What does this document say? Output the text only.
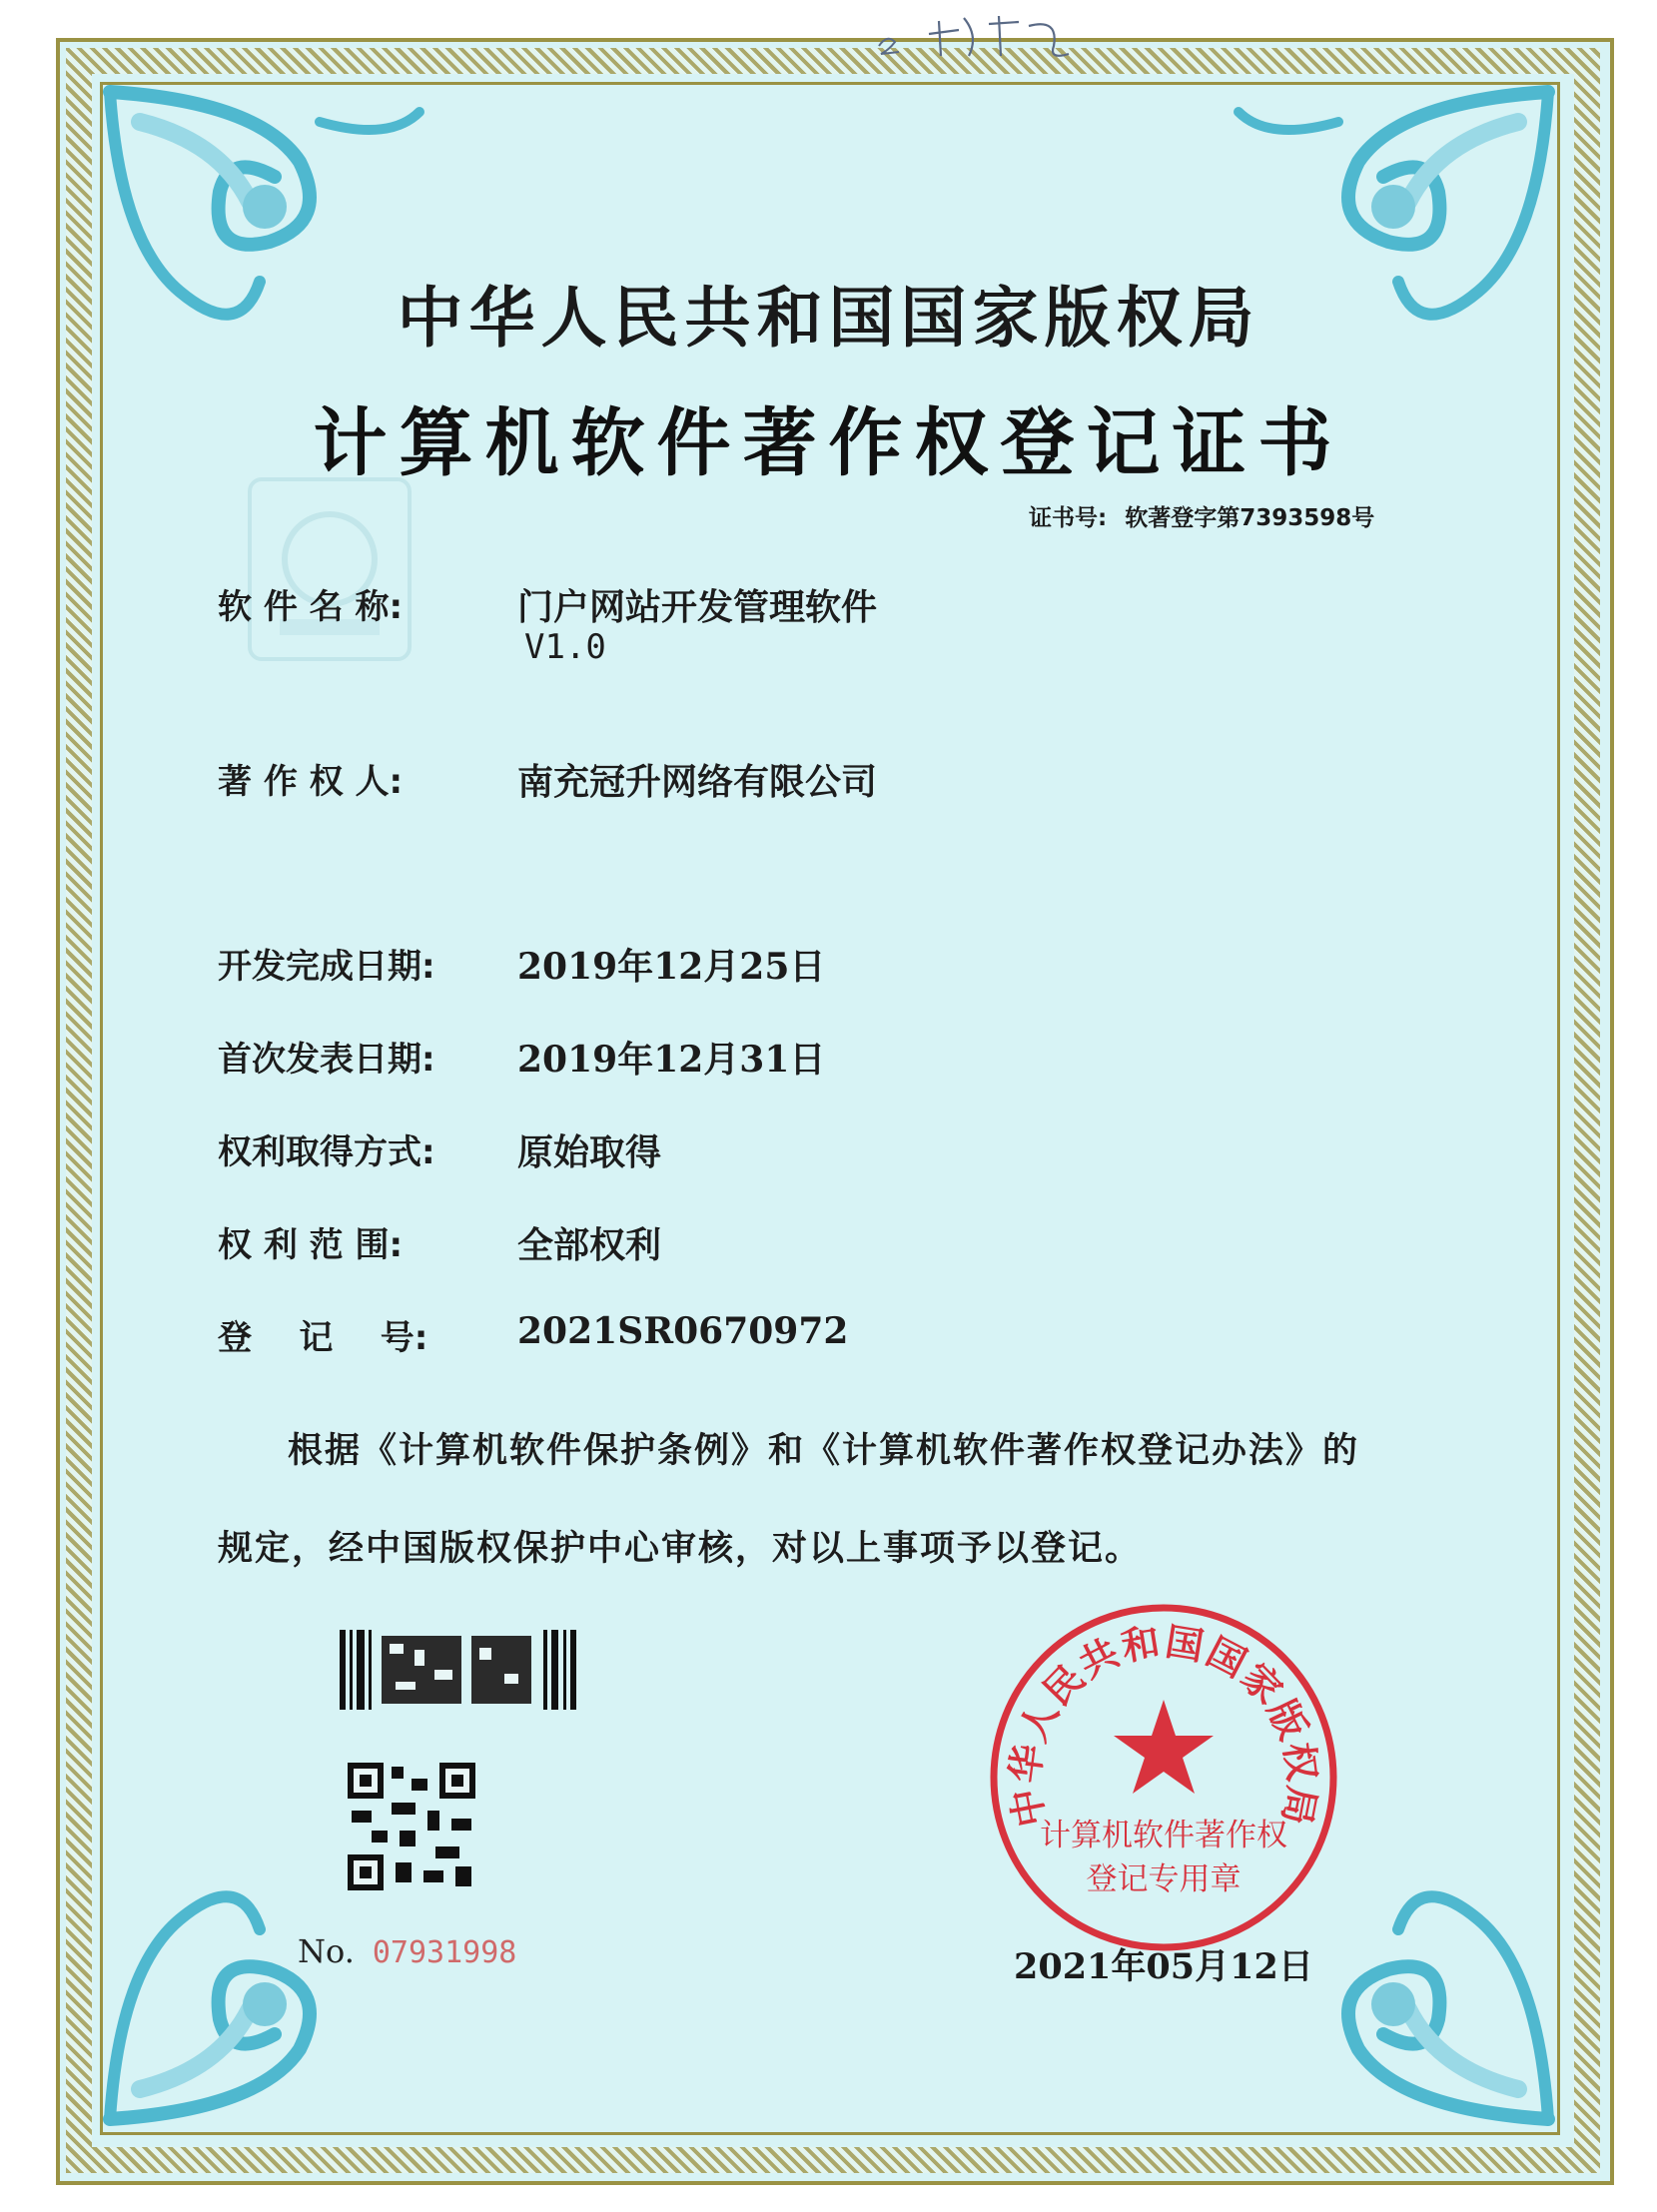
中华人民共和国国家版权局
计算机软件著作权登记证书
证书号: 软著登字第7393598号
软 件 名 称:	门户网站开发管理软件
V1.0
著 作 权 人:	南充冠升网络有限公司
开发完成日期: 2019年12月25日
首次发表日期: 2019年12月31日
权利取得方式: 原始取得
权 利 范 围:	全部权利
登    记    号: 2021SR0670972
根据《计算机软件保护条例》和《计算机软件著作权登记办法》的
规定，经中国版权保护中心审核，对以上事项予以登记。
No. 07931998
中华人民共和国国家版权局
计算机软件著作权
登记专用章
2021年05月12日
